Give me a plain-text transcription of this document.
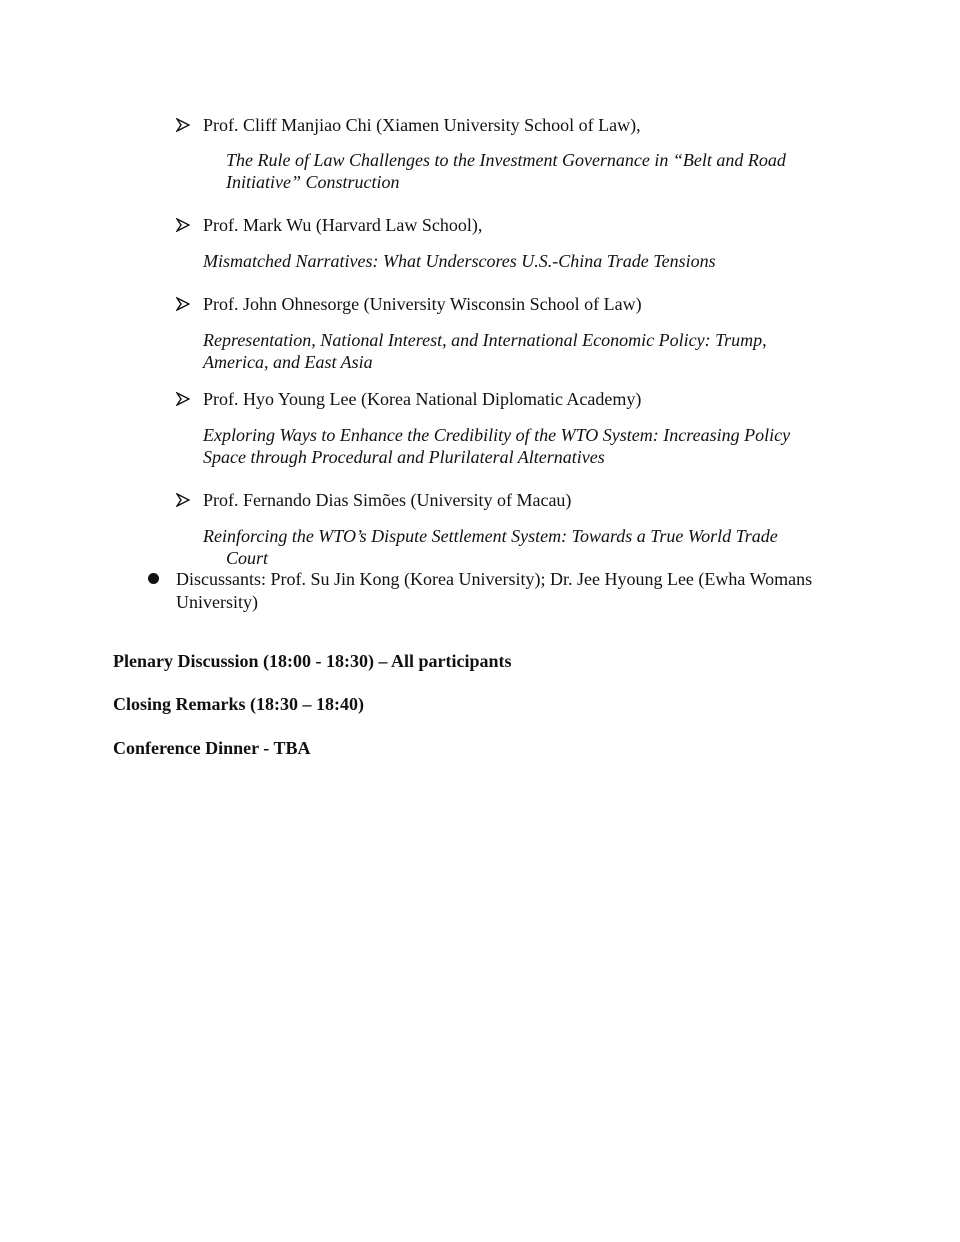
Prof. Cliff Manjiao Chi (Xiamen University School of Law),
The Rule of Law Challenges to the Investment Governance in “Belt and Road
Initiative” Construction
Prof. Mark Wu (Harvard Law School),
Mismatched Narratives: What Underscores U.S.-China Trade Tensions
Prof. John Ohnesorge (University Wisconsin School of Law)
Representation, National Interest, and International Economic Policy: Trump,
America, and East Asia
Prof. Hyo Young Lee (Korea National Diplomatic Academy)
Exploring Ways to Enhance the Credibility of the WTO System: Increasing Policy
Space through Procedural and Plurilateral Alternatives
Prof. Fernando Dias Simões (University of Macau)
Reinforcing the WTO’s Dispute Settlement System: Towards a True World Trade
Court
Discussants: Prof. Su Jin Kong (Korea University); Dr. Jee Hyoung Lee (Ewha Womans University)
Plenary Discussion (18:00 - 18:30) – All participants
Closing Remarks (18:30 – 18:40)
Conference Dinner - TBA
